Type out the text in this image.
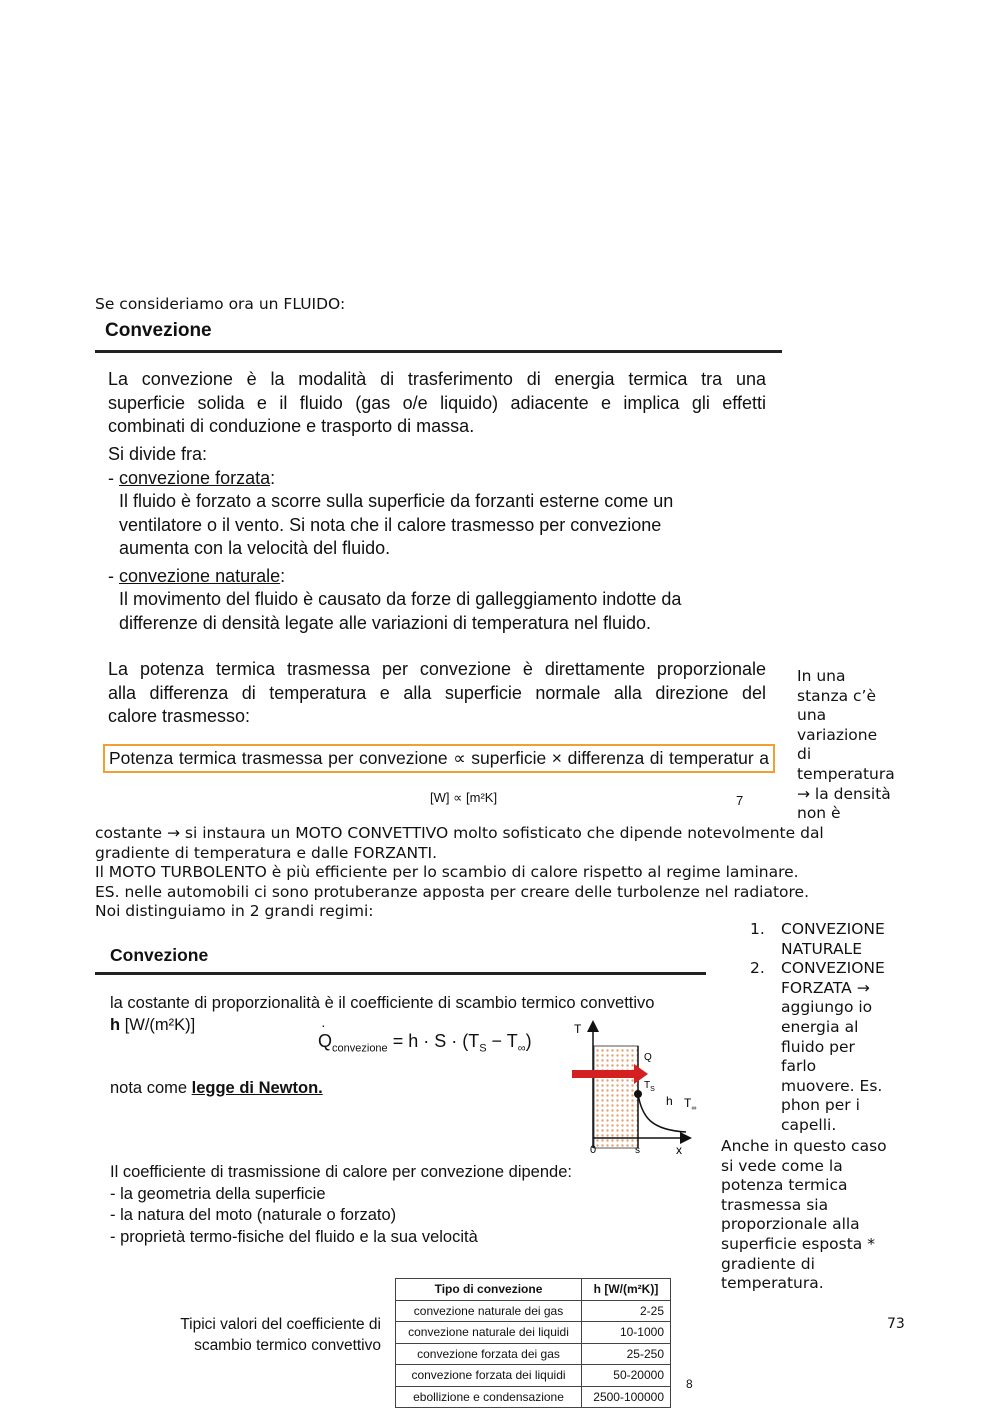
Se consideriamo ora un FLUIDO:
Convezione
La convezione è la modalità di trasferimento di energia termica tra una
superficie solida e il fluido (gas o/e liquido) adiacente e implica gli effetti
combinati di conduzione e trasporto di massa.
Si divide fra:
- convezione forzata:
Il fluido è forzato a scorre sulla superficie da forzanti esterne come un
ventilatore o il vento. Si nota che il calore trasmesso per convezione
aumenta con la velocità del fluido.
- convezione naturale:
Il movimento del fluido è causato da forze di galleggiamento indotte da
differenze di densità legate alle variazioni di temperatura nel fluido.
La potenza termica trasmessa per convezione è direttamente proporzionale
alla differenza di temperatura e alla superficie normale alla direzione del
calore trasmesso:
Potenza termica trasmessa per convezione ∝ superficie × differenza di temperatur a
[W] ∝ [m²K]	7
In una
stanza c’è
una
variazione
di
temperatura
→ la densità
non è
costante → si instaura un MOTO CONVETTIVO molto sofisticato che dipende notevolmente dal
gradiente di temperatura e dalle FORZANTI.
Il MOTO TURBOLENTO è più efficiente per lo scambio di calore rispetto al regime laminare.
ES. nelle automobili ci sono protuberanze apposta per creare delle turbolenze nel radiatore.
Noi distinguiamo in 2 grandi regimi:
1. CONVEZIONE
NATURALE
2. CONVEZIONE
FORZATA →
aggiungo io
energia al
fluido per
farlo
muovere. Es.
phon per i
capelli.
Anche in questo caso
si vede come la
potenza termica
trasmessa sia
proporzionale alla
superficie esposta *
gradiente di
temperatura.
73
Convezione
la costante di proporzionalità è il coefficiente di scambio termico convettivo
h [W/(m²K)]
Q
·
$_{convezione} = h \cdot S \cdot (T_S - T_\infty)$
nota come legge di Newton.
T
Q
$T_S$
h $T_\infty$
0	s	x
Il coefficiente di trasmissione di calore per convezione dipende:
- la geometria della superficie
- la natura del moto (naturale o forzato)
- proprietà termo-fisiche del fluido e la sua velocità
Tipici valori del coefficiente di
scambio termico convettivo
Tipo di convezione	h [W/(m²K)]
convezione naturale dei gas	2-25
convezione naturale dei liquidi	10-1000
convezione forzata dei gas	25-250
convezione forzata dei liquidi	50-20000
ebollizione e condensazione	2500-100000
8
